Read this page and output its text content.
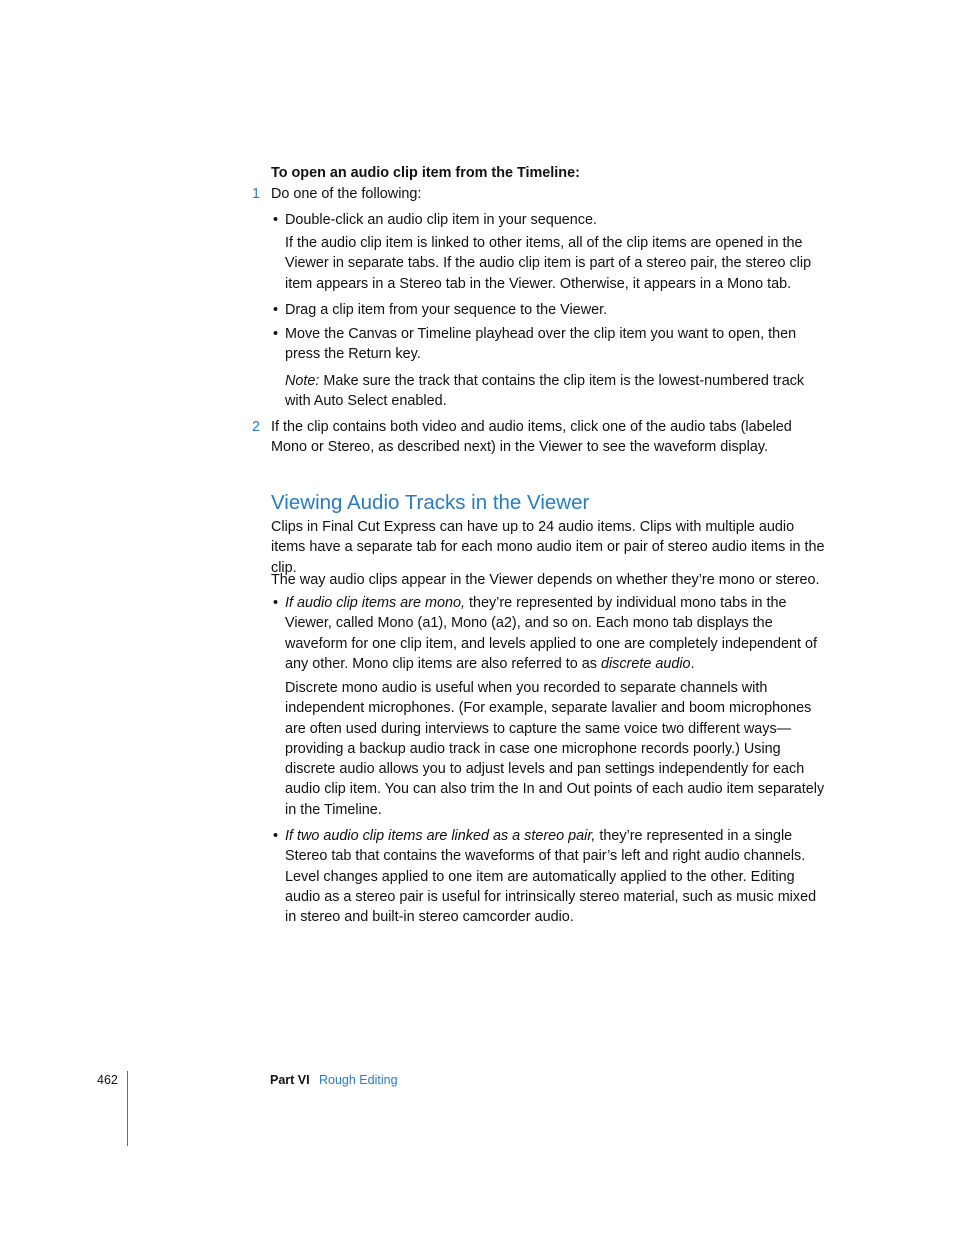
To open an audio clip item from the Timeline:

1 Do one of the following:

• Double-click an audio clip item in your sequence.

If the audio clip item is linked to other items, all of the clip items are opened in the Viewer in separate tabs. If the audio clip item is part of a stereo pair, the stereo clip item appears in a Stereo tab in the Viewer. Otherwise, it appears in a Mono tab.

• Drag a clip item from your sequence to the Viewer.

• Move the Canvas or Timeline playhead over the clip item you want to open, then press the Return key.

Note: Make sure the track that contains the clip item is the lowest-numbered track with Auto Select enabled.

2 If the clip contains both video and audio items, click one of the audio tabs (labeled Mono or Stereo, as described next) in the Viewer to see the waveform display.

Viewing Audio Tracks in the Viewer

Clips in Final Cut Express can have up to 24 audio items. Clips with multiple audio items have a separate tab for each mono audio item or pair of stereo audio items in the clip.

The way audio clips appear in the Viewer depends on whether they’re mono or stereo.

• If audio clip items are mono, they’re represented by individual mono tabs in the Viewer, called Mono (a1), Mono (a2), and so on. Each mono tab displays the waveform for one clip item, and levels applied to one are completely independent of any other. Mono clip items are also referred to as discrete audio.

Discrete mono audio is useful when you recorded to separate channels with independent microphones. (For example, separate lavalier and boom microphones are often used during interviews to capture the same voice two different ways—providing a backup audio track in case one microphone records poorly.) Using discrete audio allows you to adjust levels and pan settings independently for each audio clip item. You can also trim the In and Out points of each audio item separately in the Timeline.

• If two audio clip items are linked as a stereo pair, they’re represented in a single Stereo tab that contains the waveforms of that pair’s left and right audio channels. Level changes applied to one item are automatically applied to the other. Editing audio as a stereo pair is useful for intrinsically stereo material, such as music mixed in stereo and built-in stereo camcorder audio.

462	Part VI Rough Editing
